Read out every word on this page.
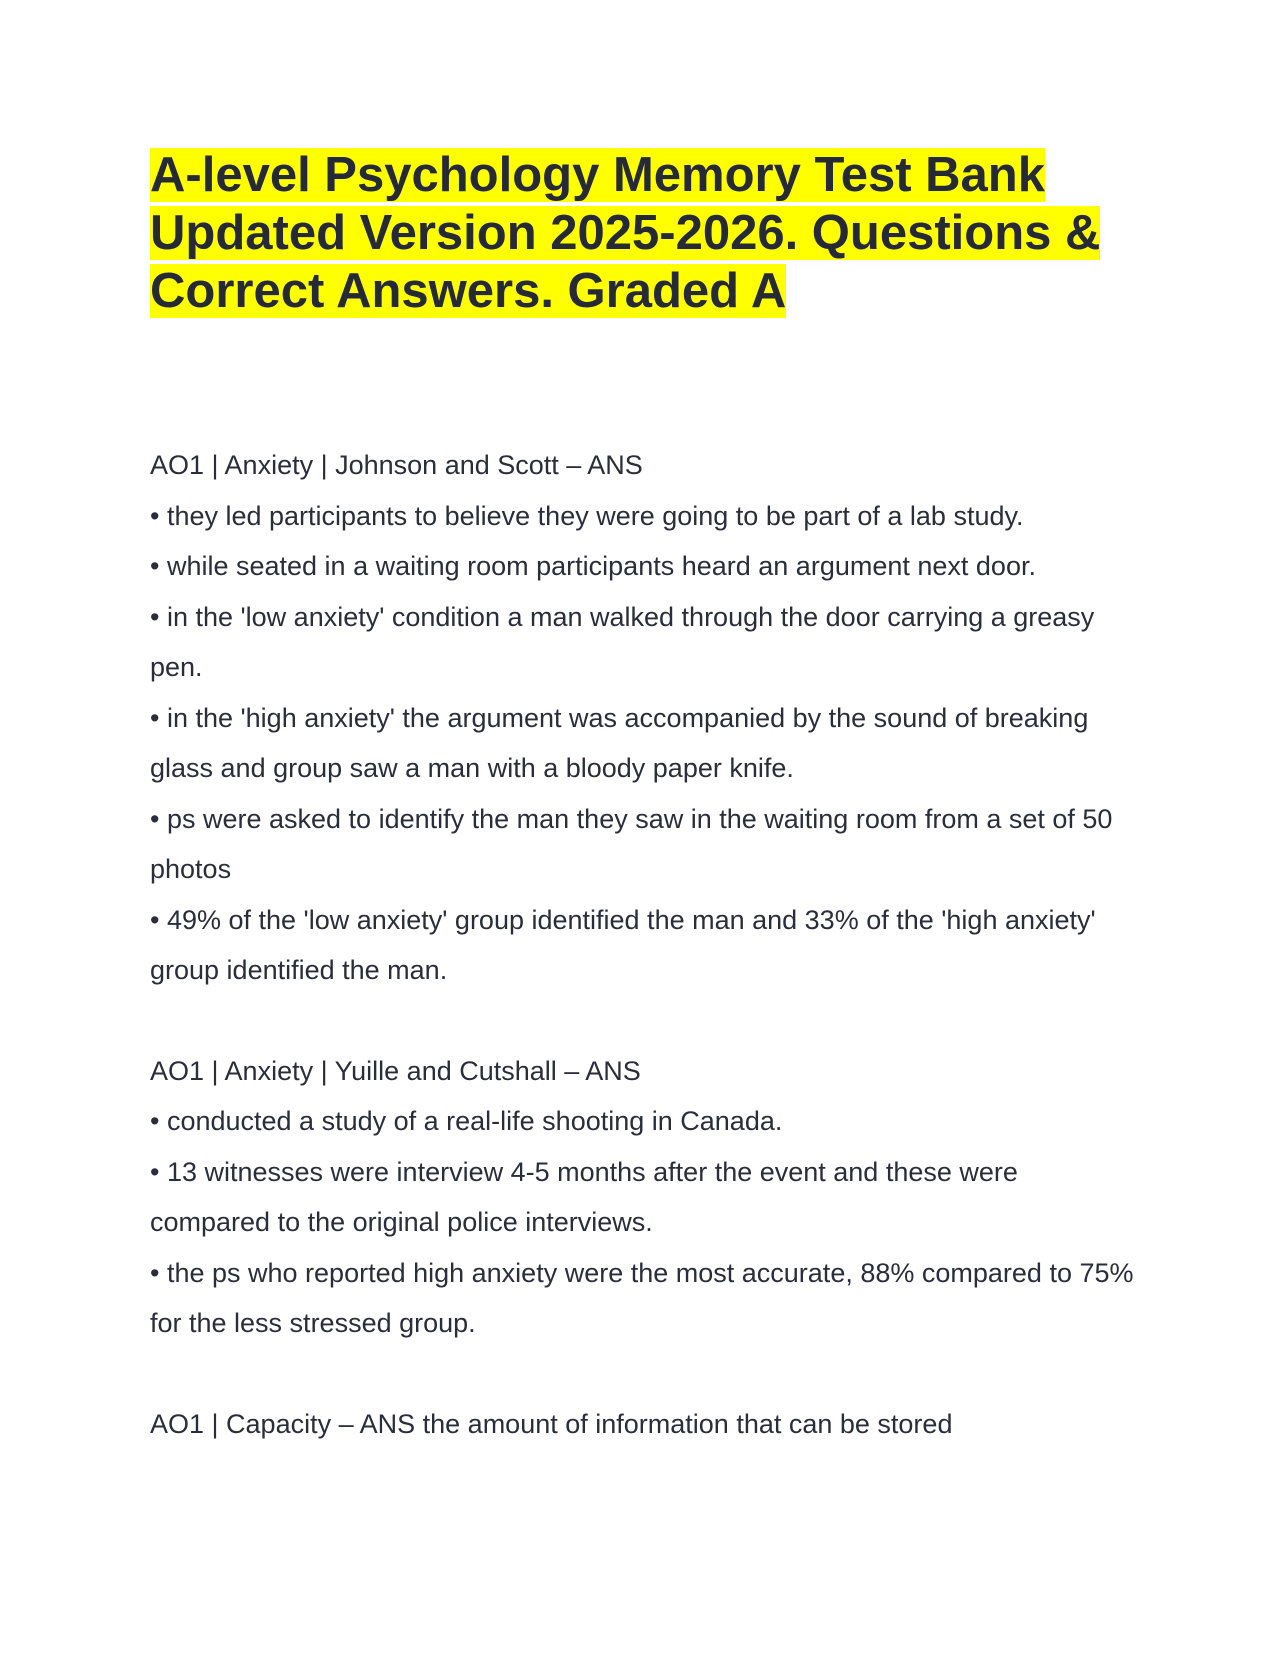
A-level Psychology Memory Test Bank Updated Version 2025-2026. Questions & Correct Answers. Graded A

AO1 | Anxiety | Johnson and Scott – ANS

• they led participants to believe they were going to be part of a lab study.

• while seated in a waiting room participants heard an argument next door.

• in the 'low anxiety' condition a man walked through the door carrying a greasy pen.

• in the 'high anxiety' the argument was accompanied by the sound of breaking glass and group saw a man with a bloody paper knife.

• ps were asked to identify the man they saw in the waiting room from a set of 50 photos

• 49% of the 'low anxiety' group identified the man and 33% of the 'high anxiety' group identified the man.

AO1 | Anxiety | Yuille and Cutshall – ANS

• conducted a study of a real-life shooting in Canada.

• 13 witnesses were interview 4-5 months after the event and these were compared to the original police interviews.

• the ps who reported high anxiety were the most accurate, 88% compared to 75% for the less stressed group.

AO1 | Capacity – ANS the amount of information that can be stored
